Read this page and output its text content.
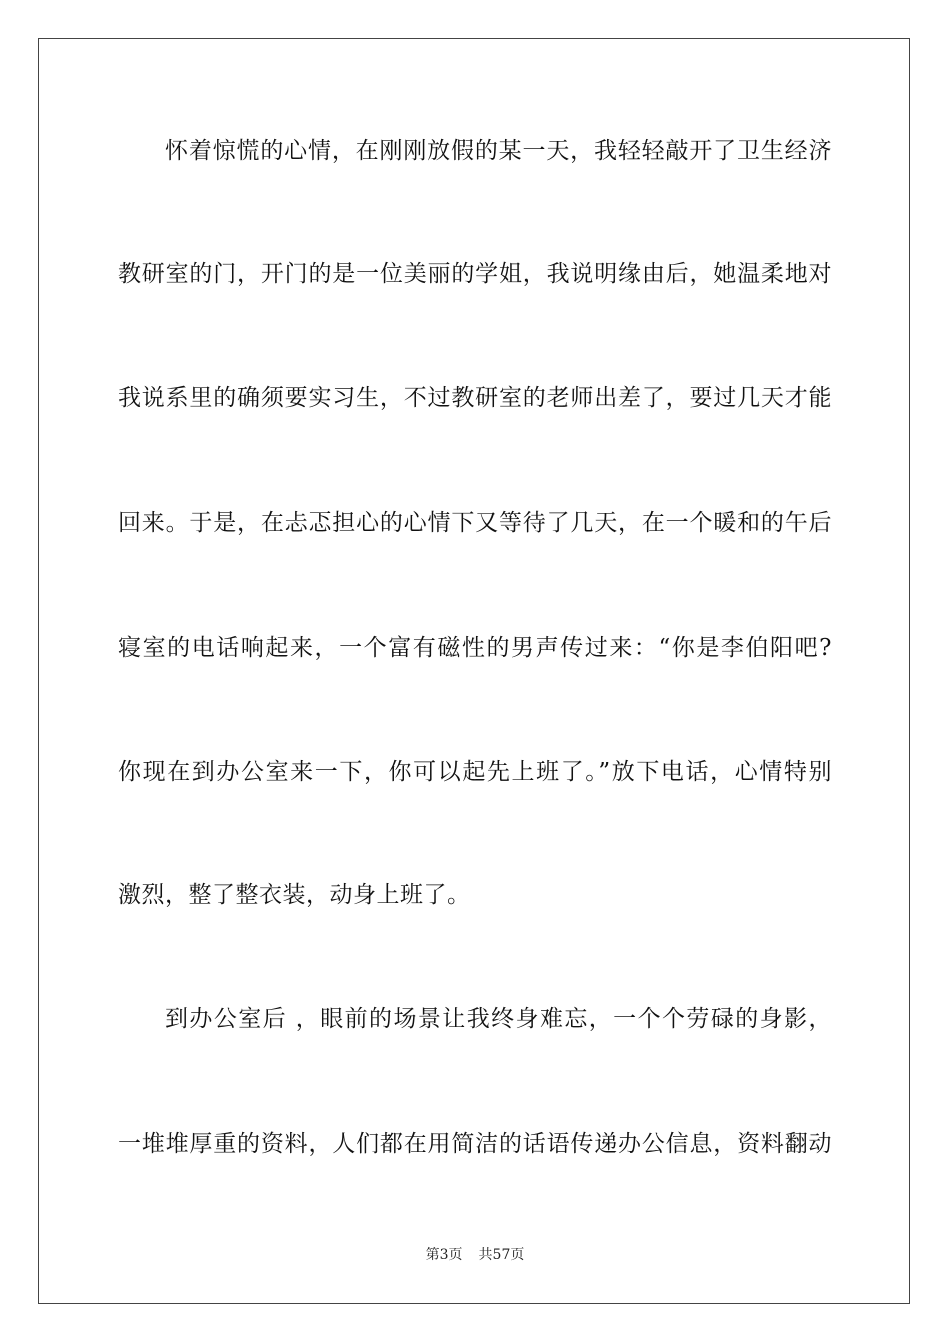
怀着惊慌的心情，在刚刚放假的某一天，我轻轻敲开了卫生经济
教研室的门，开门的是一位美丽的学姐，我说明缘由后，她温柔地对
我说系里的确须要实习生，不过教研室的老师出差了，要过几天才能
回来。于是，在忐忑担心的心情下又等待了几天，在一个暖和的午后
寝室的电话响起来，一个富有磁性的男声传过来：“你是李伯阳吧?
你现在到办公室来一下，你可以起先上班了。”放下电话，心情特别
激烈，整了整衣装，动身上班了。
到办公室后 ，眼前的场景让我终身难忘，一个个劳碌的身影，
一堆堆厚重的资料，人们都在用简洁的话语传递办公信息，资料翻动
第3页 共57页
